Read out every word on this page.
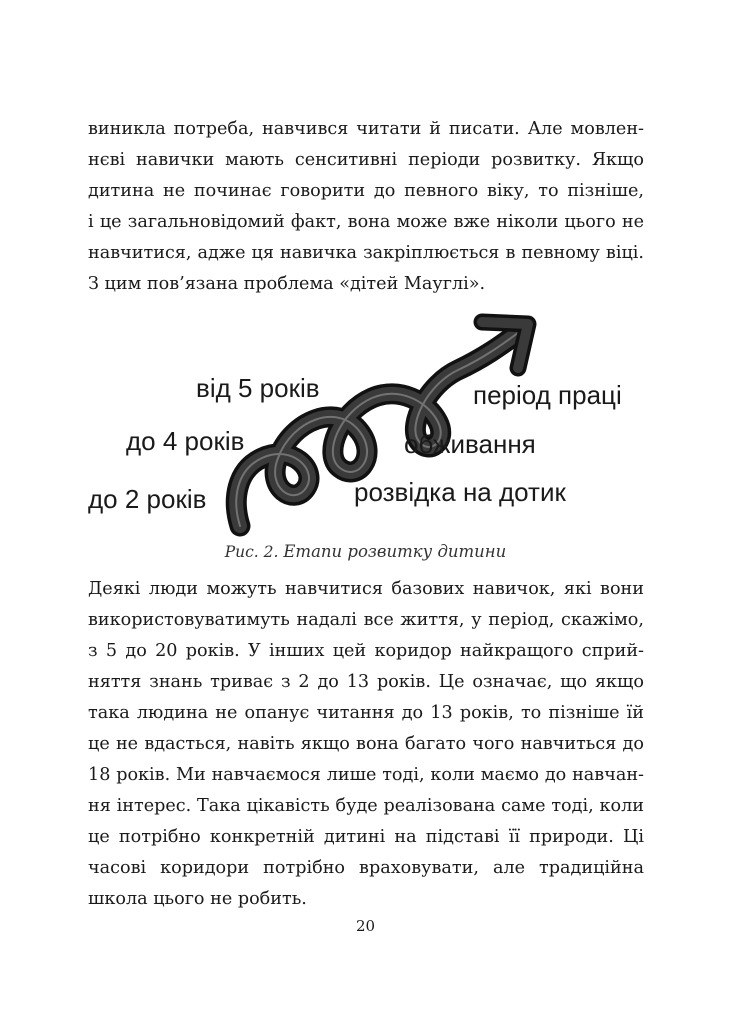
виникла потреба, навчився читати й писати. Але мовлен-
нєві навички мають сенситивні періоди розвитку. Якщо
дитина не починає говорити до певного віку, то пізніше,
і це загальновідомий факт, вона може вже ніколи цього не
навчитися, адже ця навичка закріплюється в певному віці.
З цим пов’язана проблема «дітей Мауглі».
від 5 років
до 4 років
до 2 років
період праці
обживання
розвідка на дотик
Рис. 2. Етапи розвитку дитини
Деякі люди можуть навчитися базових навичок, які вони
використовуватимуть надалі все життя, у період, скажімо,
з 5 до 20 років. У інших цей коридор найкращого сприй-
няття знань триває з 2 до 13 років. Це означає, що якщо
така людина не опанує читання до 13 років, то пізніше їй
це не вдасться, навіть якщо вона багато чого навчиться до
18 років. Ми навчаємося лише тоді, коли маємо до навчан-
ня інтерес. Така цікавість буде реалізована саме тоді, коли
це потрібно конкретній дитині на підставі її природи. Ці
часові коридори потрібно враховувати, але традиційна
школа цього не робить.
20
